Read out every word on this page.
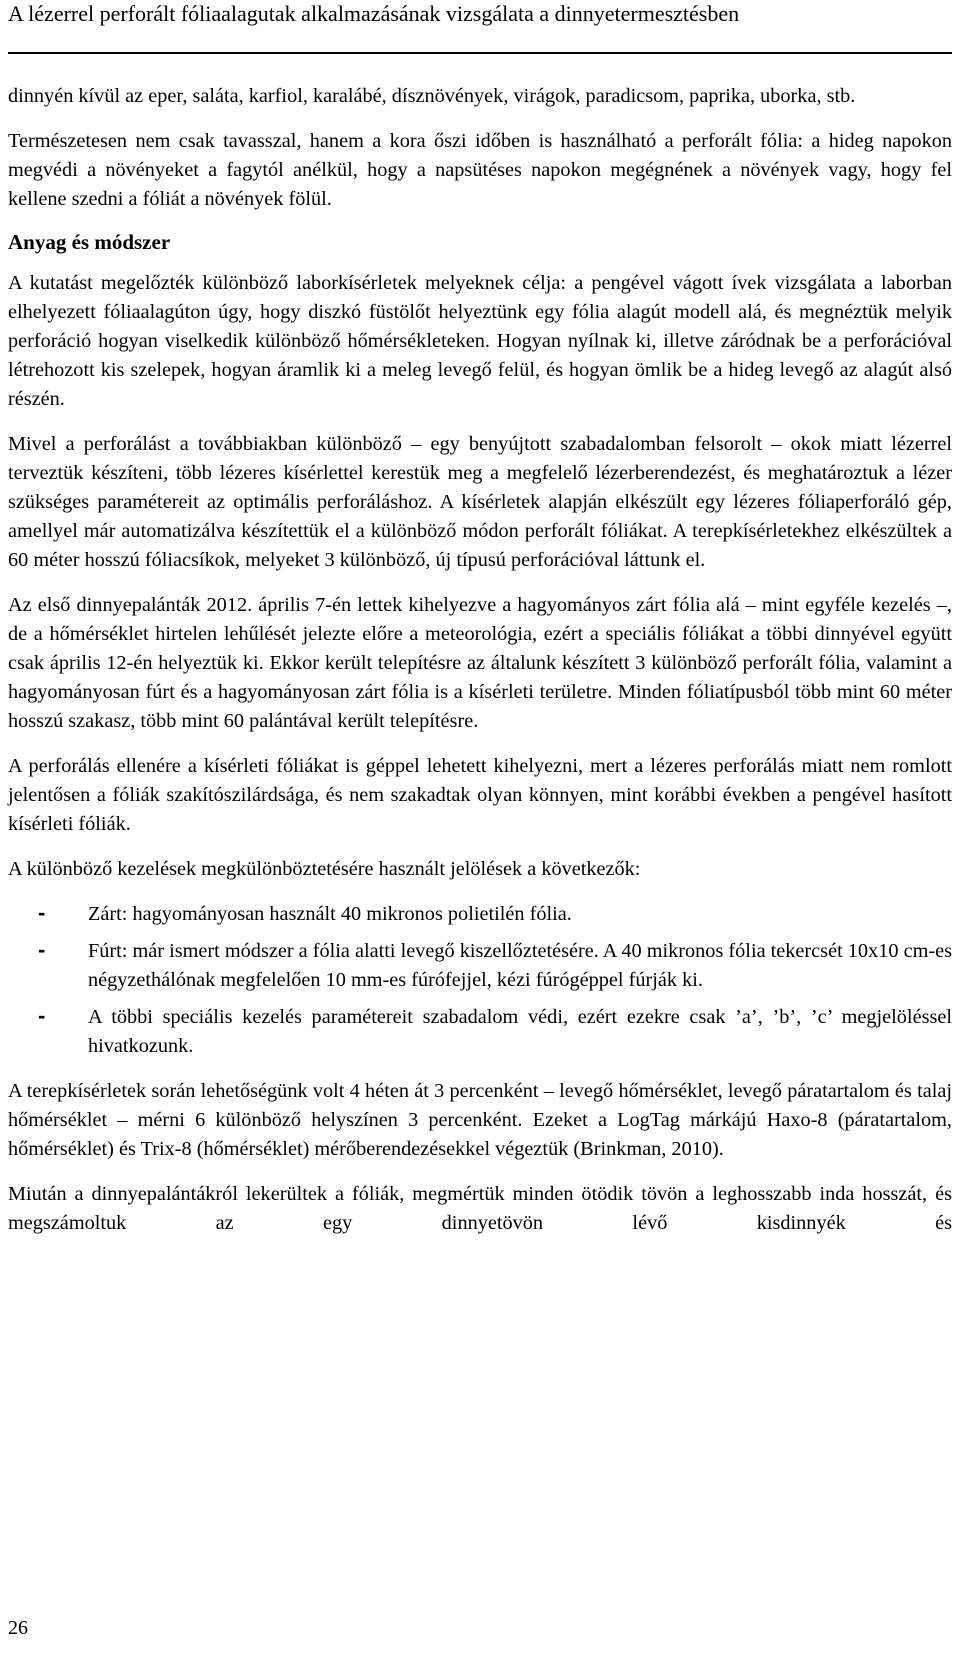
A lézerrel perforált fóliaalagutak alkalmazásának vizsgálata a dinnyetermesztésben

dinnyén kívül az eper, saláta, karfiol, karalábé, dísznövények, virágok, paradicsom, paprika, uborka, stb.

Természetesen nem csak tavasszal, hanem a kora őszi időben is használható a perforált fólia: a hideg napokon megvédi a növényeket a fagytól anélkül, hogy a napsütéses napokon megégnének a növények vagy, hogy fel kellene szedni a fóliát a növények fölül.

Anyag és módszer

A kutatást megelőzték különböző laborkísérletek melyeknek célja: a pengével vágott ívek vizsgálata a laborban elhelyezett fóliaalagúton úgy, hogy diszkó füstölőt helyeztünk egy fólia alagút modell alá, és megnéztük melyik perforáció hogyan viselkedik különböző hőmérsékleteken. Hogyan nyílnak ki, illetve záródnak be a perforációval létrehozott kis szelepek, hogyan áramlik ki a meleg levegő felül, és hogyan ömlik be a hideg levegő az alagút alsó részén.

Mivel a perforálást a továbbiakban különböző – egy benyújtott szabadalomban felsorolt – okok miatt lézerrel terveztük készíteni, több lézeres kísérlettel kerestük meg a megfelelő lézerberendezést, és meghatároztuk a lézer szükséges paramétereit az optimális perforáláshoz. A kísérletek alapján elkészült egy lézeres fóliaperforáló gép, amellyel már automatizálva készítettük el a különböző módon perforált fóliákat. A terepkísérletekhez elkészültek a 60 méter hosszú fóliacsíkok, melyeket 3 különböző, új típusú perforációval láttunk el.

Az első dinnyepalánták 2012. április 7-én lettek kihelyezve a hagyományos zárt fólia alá – mint egyféle kezelés –, de a hőmérséklet hirtelen lehűlését jelezte előre a meteorológia, ezért a speciális fóliákat a többi dinnyével együtt csak április 12-én helyeztük ki. Ekkor került telepítésre az általunk készített 3 különböző perforált fólia, valamint a hagyományosan fúrt és a hagyományosan zárt fólia is a kísérleti területre. Minden fóliatípusból több mint 60 méter hosszú szakasz, több mint 60 palántával került telepítésre.

A perforálás ellenére a kísérleti fóliákat is géppel lehetett kihelyezni, mert a lézeres perforálás miatt nem romlott jelentősen a fóliák szakítószilárdsága, és nem szakadtak olyan könnyen, mint korábbi években a pengével hasított kísérleti fóliák.

A különböző kezelések megkülönböztetésére használt jelölések a következők:

- Zárt: hagyományosan használt 40 mikronos polietilén fólia.
- Fúrt: már ismert módszer a fólia alatti levegő kiszellőztetésére. A 40 mikronos fólia tekercsét 10x10 cm-es négyzethálónak megfelelően 10 mm-es fúrófejjel, kézi fúrógéppel fúrják ki.
- A többi speciális kezelés paramétereit szabadalom védi, ezért ezekre csak ’a’, ’b’, ’c’ megjelöléssel hivatkozunk.

A terepkísérletek során lehetőségünk volt 4 héten át 3 percenként – levegő hőmérséklet, levegő páratartalom és talaj hőmérséklet – mérni 6 különböző helyszínen 3 percenként. Ezeket a LogTag márkájú Haxo-8 (páratartalom, hőmérséklet) és Trix-8 (hőmérséklet) mérőberendezésekkel végeztük (Brinkman, 2010).

Miután a dinnyepalántákról lekerültek a fóliák, megmértük minden ötödik tövön a leghosszabb inda hosszát, és megszámoltuk az egy dinnyetövön lévő kisdinnyék és

26
